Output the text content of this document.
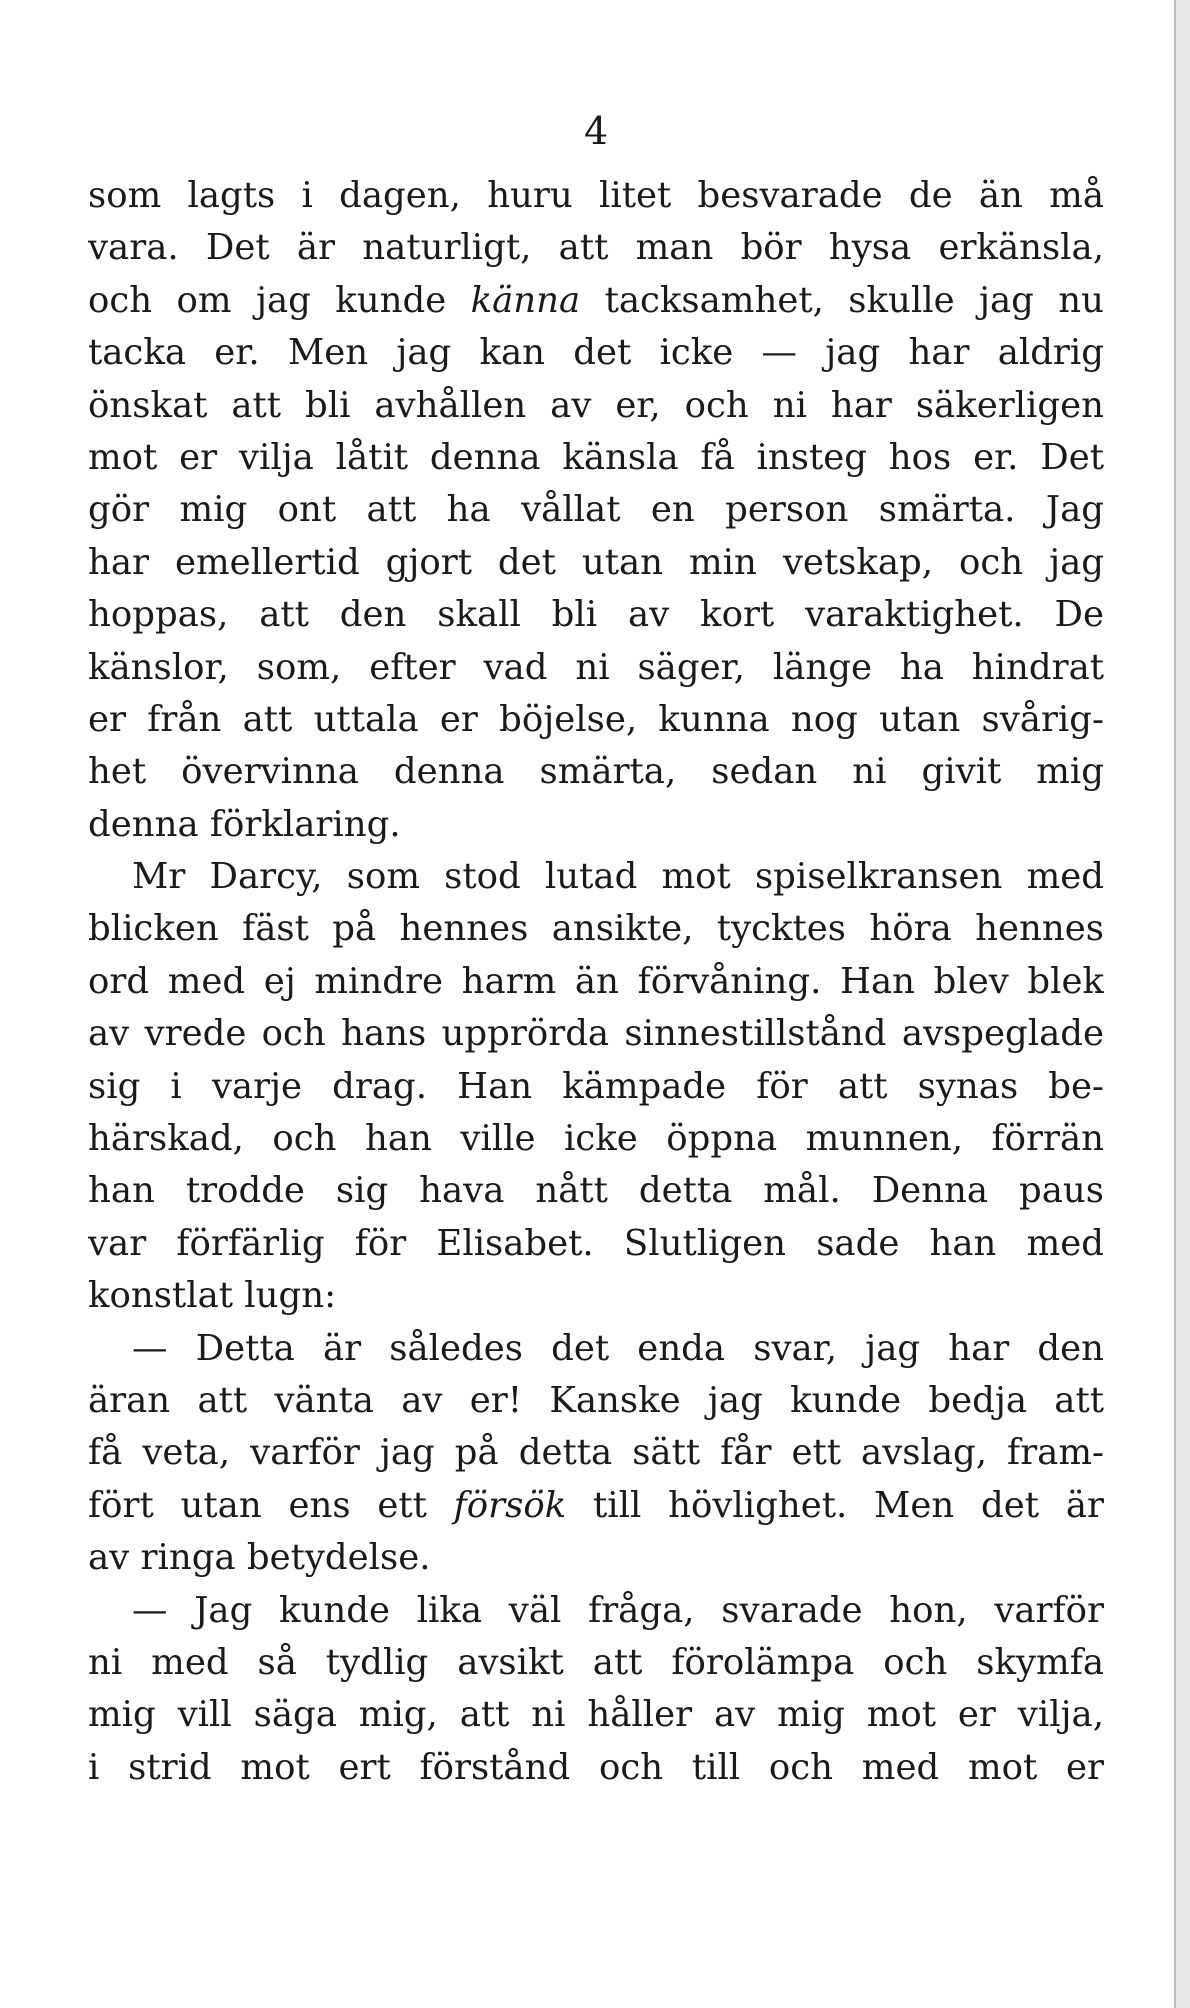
4
som lagts i dagen, huru litet besvarade de än må
vara. Det är naturligt, att man bör hysa erkänsla,
och om jag kunde känna tacksamhet, skulle jag nu
tacka er. Men jag kan det icke — jag har aldrig
önskat att bli avhållen av er, och ni har säkerligen
mot er vilja låtit denna känsla få insteg hos er. Det
gör mig ont att ha vållat en person smärta. Jag
har emellertid gjort det utan min vetskap, och jag
hoppas, att den skall bli av kort varaktighet. De
känslor, som, efter vad ni säger, länge ha hindrat
er från att uttala er böjelse, kunna nog utan svårig-
het övervinna denna smärta, sedan ni givit mig
denna förklaring.
Mr Darcy, som stod lutad mot spiselkransen med
blicken fäst på hennes ansikte, tycktes höra hennes
ord med ej mindre harm än förvåning. Han blev blek
av vrede och hans upprörda sinnestillstånd avspeglade
sig i varje drag. Han kämpade för att synas be-
härskad, och han ville icke öppna munnen, förrän
han trodde sig hava nått detta mål. Denna paus
var förfärlig för Elisabet. Slutligen sade han med
konstlat lugn:
— Detta är således det enda svar, jag har den
äran att vänta av er! Kanske jag kunde bedja att
få veta, varför jag på detta sätt får ett avslag, fram-
fört utan ens ett försök till hövlighet. Men det är
av ringa betydelse.
— Jag kunde lika väl fråga, svarade hon, varför
ni med så tydlig avsikt att förolämpa och skymfa
mig vill säga mig, att ni håller av mig mot er vilja,
i strid mot ert förstånd och till och med mot er
